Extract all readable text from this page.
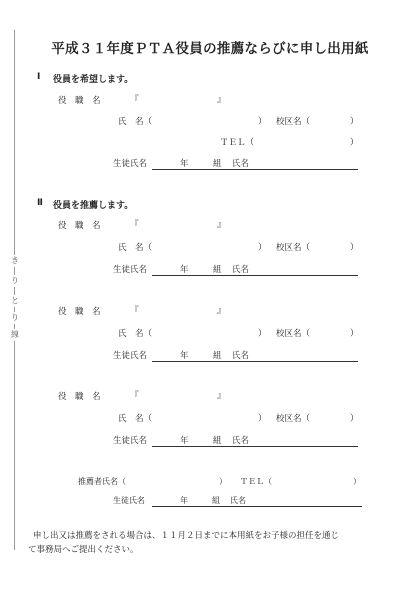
き
り
と
り
線
平成３１年度ＰＴＡ役員の推薦ならびに申し出用紙
Ⅰ 役員を希望します。
役　職　名	『	』
氏　名（	） 校区名（	）
ＴＥＬ（	）
生徒氏名	年	組 氏名
Ⅱ 役員を推薦します。
役　職　名	『	』
氏　名（	） 校区名（	）
生徒氏名	年	組 氏名
役　職　名	『	』
氏　名（	） 校区名（	）
生徒氏名	年	組 氏名
役　職　名	『	』
氏　名（	） 校区名（	）
生徒氏名	年	組 氏名
推薦者氏名（	） ＴＥＬ（	）
生徒氏名	年	組 氏名
申し出又は推薦をされる場合は、１１月２日までに本用紙をお子様の担任を通じ
て事務局へご提出ください。
